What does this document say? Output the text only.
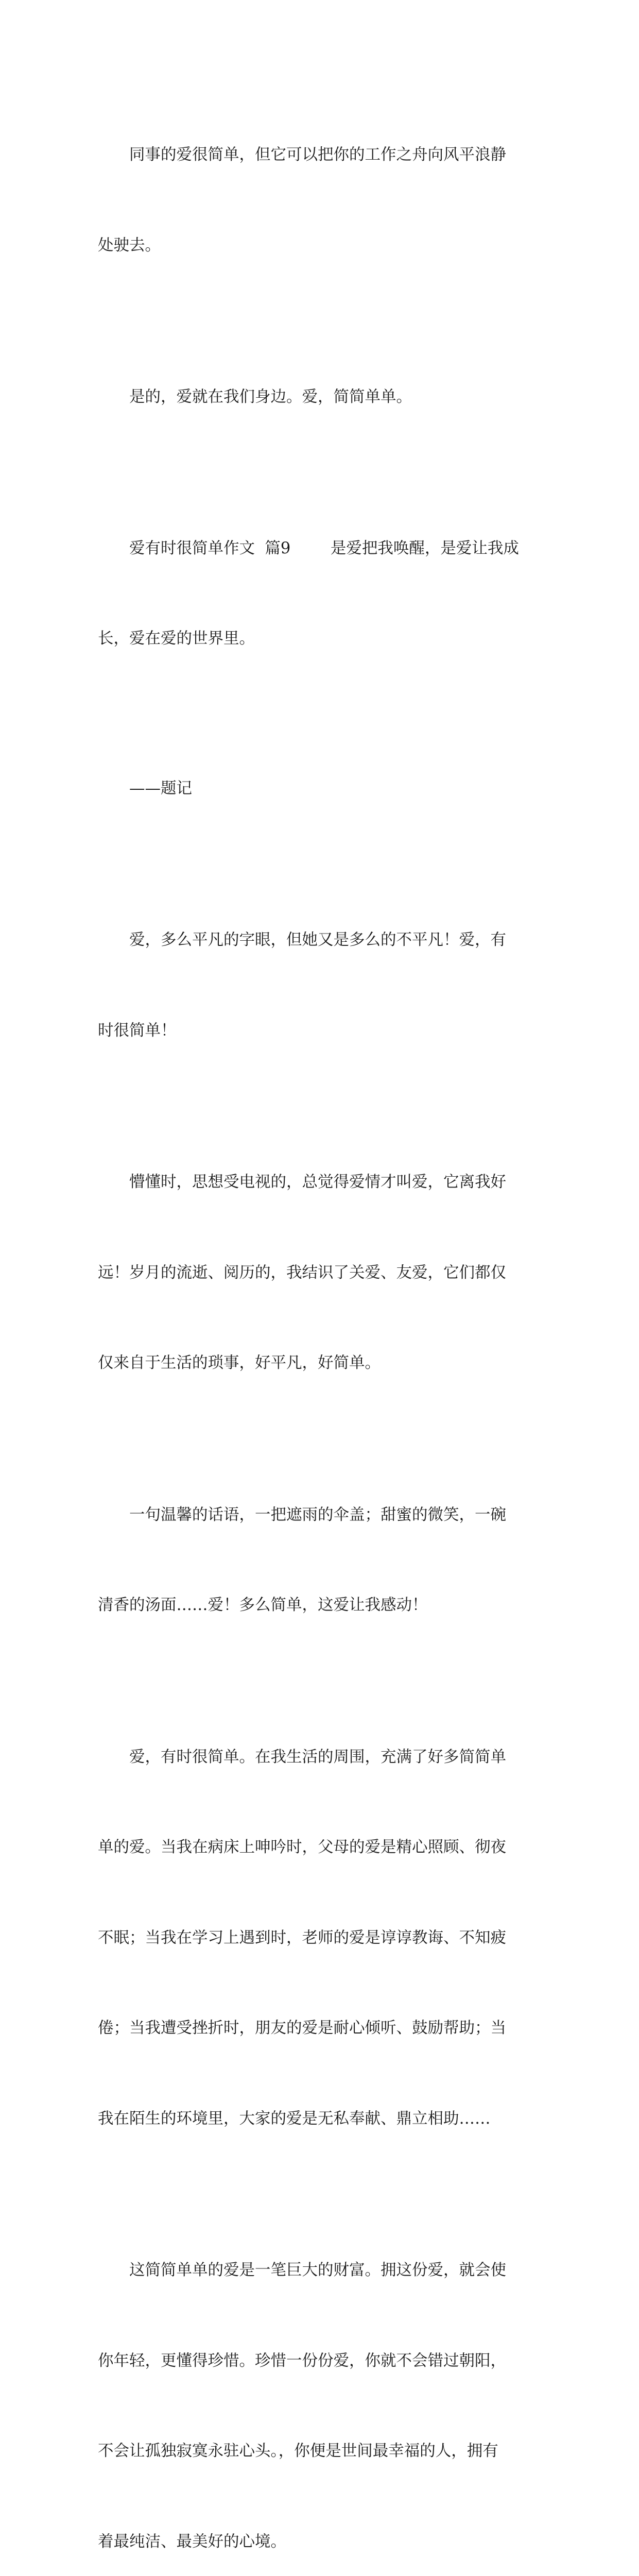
　　同事的爱很简单，但它可以把你的工作之舟向风平浪静

处驶去。

　　是的，爱就在我们身边。爱，简简单单。

　　爱有时很简单作文  篇9        是爱把我唤醒，是爱让我成

长，爱在爱的世界里。

　　——题记

　　爱，多么平凡的字眼，但她又是多么的不平凡！爱，有

时很简单！

　　懵懂时，思想受电视的，总觉得爱情才叫爱，它离我好

远！岁月的流逝、阅历的，我结识了关爱、友爱，它们都仅

仅来自于生活的琐事，好平凡，好简单。

　　一句温馨的话语，一把遮雨的伞盖；甜蜜的微笑，一碗

清香的汤面……爱！多么简单，这爱让我感动！

　　爱，有时很简单。在我生活的周围，充满了好多简简单

单的爱。当我在病床上呻吟时，父母的爱是精心照顾、彻夜

不眠；当我在学习上遇到时，老师的爱是谆谆教诲、不知疲

倦；当我遭受挫折时，朋友的爱是耐心倾听、鼓励帮助；当

我在陌生的环境里，大家的爱是无私奉献、鼎立相助……

　　这简简单单的爱是一笔巨大的财富。拥这份爱，就会使

你年轻，更懂得珍惜。珍惜一份份爱，你就不会错过朝阳，

不会让孤独寂寞永驻心头。，你便是世间最幸福的人，拥有

着最纯洁、最美好的心境。
